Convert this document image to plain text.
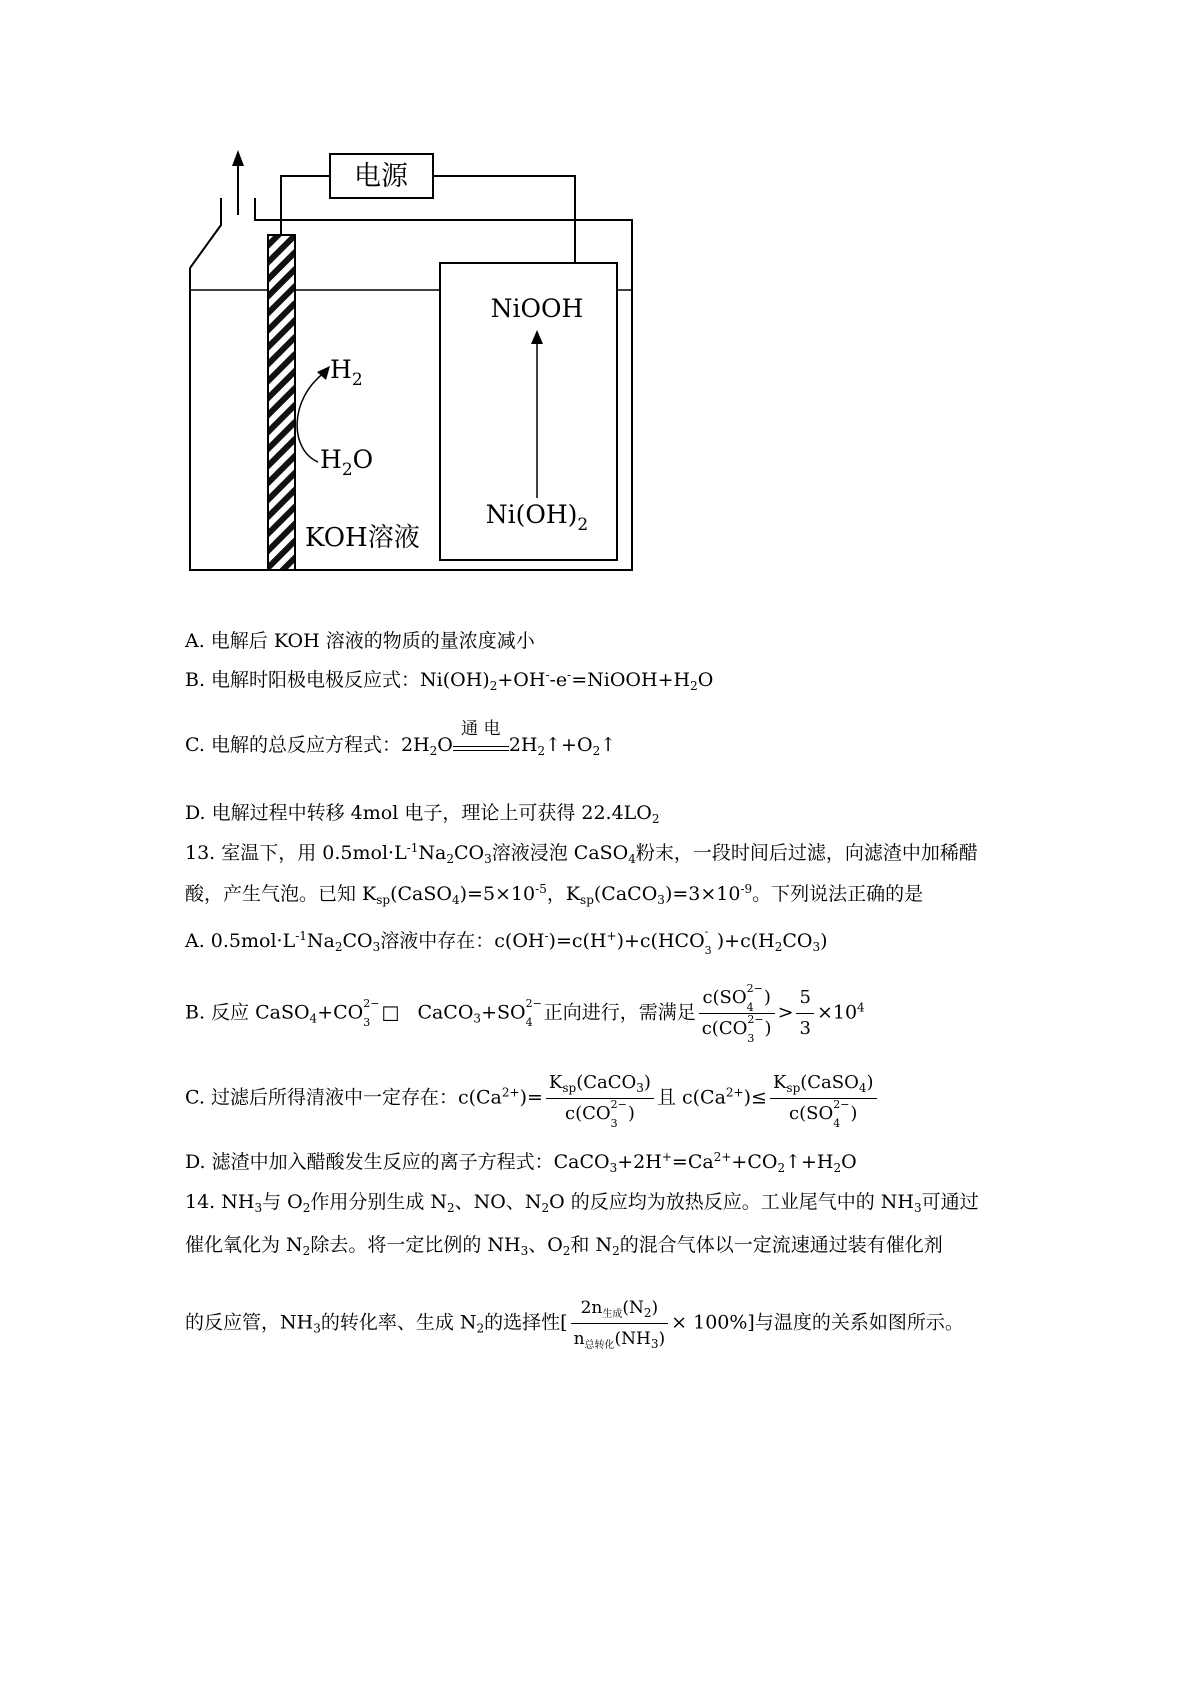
电源
NiOOH
$Ni(OH)_2$
$H_2$
$H_2O$
KOH溶液
A. 电解后 KOH 溶液的物质的量浓度减小
B. 电解时阳极电极反应式：$Ni(OH)_2+OH^--e^-=NiOOH+H_2O$
C. 电解的总反应方程式：$2H_2O$
通 电
$2H_2↑+O_2↑$
D. 电解过程中转移 4mol 电子，理论上可获得 $22.4LO_2$
13. 室温下，用 $0.5mol\cdot L^{-1}Na_2CO_3$溶液浸泡 CaSO$_4$粉末，一段时间后过滤，向滤渣中加稀醋
酸，产生气泡。已知 $K_{sp}(CaSO_4)=5\times 10^{-5}$，$K_{sp}(CaCO_3)=3\times 10^{-9}$。下列说法正确的是
A. $0.5mol\cdot L^{-1}Na_2CO_3$溶液中存在：c(OH-)=c(H+)+c(HCO -
3 )$+c(H_2CO_3)$
B. 反应 CaSO$_4$+CO 2−
3 □ CaCO$_3$+SO 2−
4 正向进行，需满足 c(SO 2−
4 )
c(CO 2−
3 ) > $\frac{5}{3} \times 10^4$
C. 过滤后所得清液中一定存在：$c(Ca^{2+})=$ $K_{sp}(CaCO_3)$
c(CO 2−
3 ) 且 $c(Ca^{2+})\le$ $K_{sp}(CaSO_4)$
c(SO 2−
4 )
D. 滤渣中加入醋酸发生反应的离子方程式：$CaCO_3+2H^+=Ca^{2+}+CO_2↑+H_2O$
14. $NH_3$与 $O_2$作用分别生成 $N_2$、NO、$N_2O$ 的反应均为放热反应。工业尾气中的 $NH_3$可通过
催化氧化为 $N_2$除去。将一定比例的 $NH_3$、$O_2$和 $N_2$的混合气体以一定流速通过装有催化剂
的反应管，$NH_3$的转化率、生成 $N_2$的选择性[ $\frac{2n_{生成}(N_2)}{n_{总转化}(NH_3)} \times 100\%$]与温度的关系如图所示。
